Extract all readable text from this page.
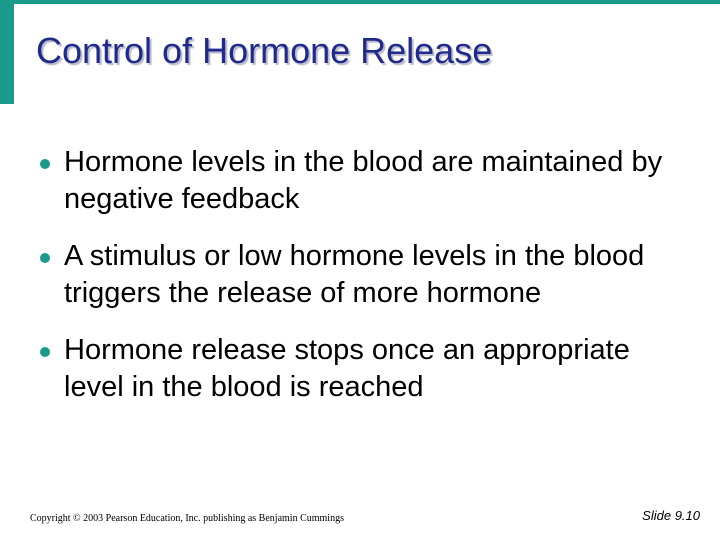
Control of Hormone Release
Hormone levels in the blood are maintained by negative feedback
A stimulus or low hormone levels in the blood triggers the release of more hormone
Hormone release stops once an appropriate level in the blood is reached
Copyright © 2003 Pearson Education, Inc. publishing as Benjamin Cummings	Slide 9.10
